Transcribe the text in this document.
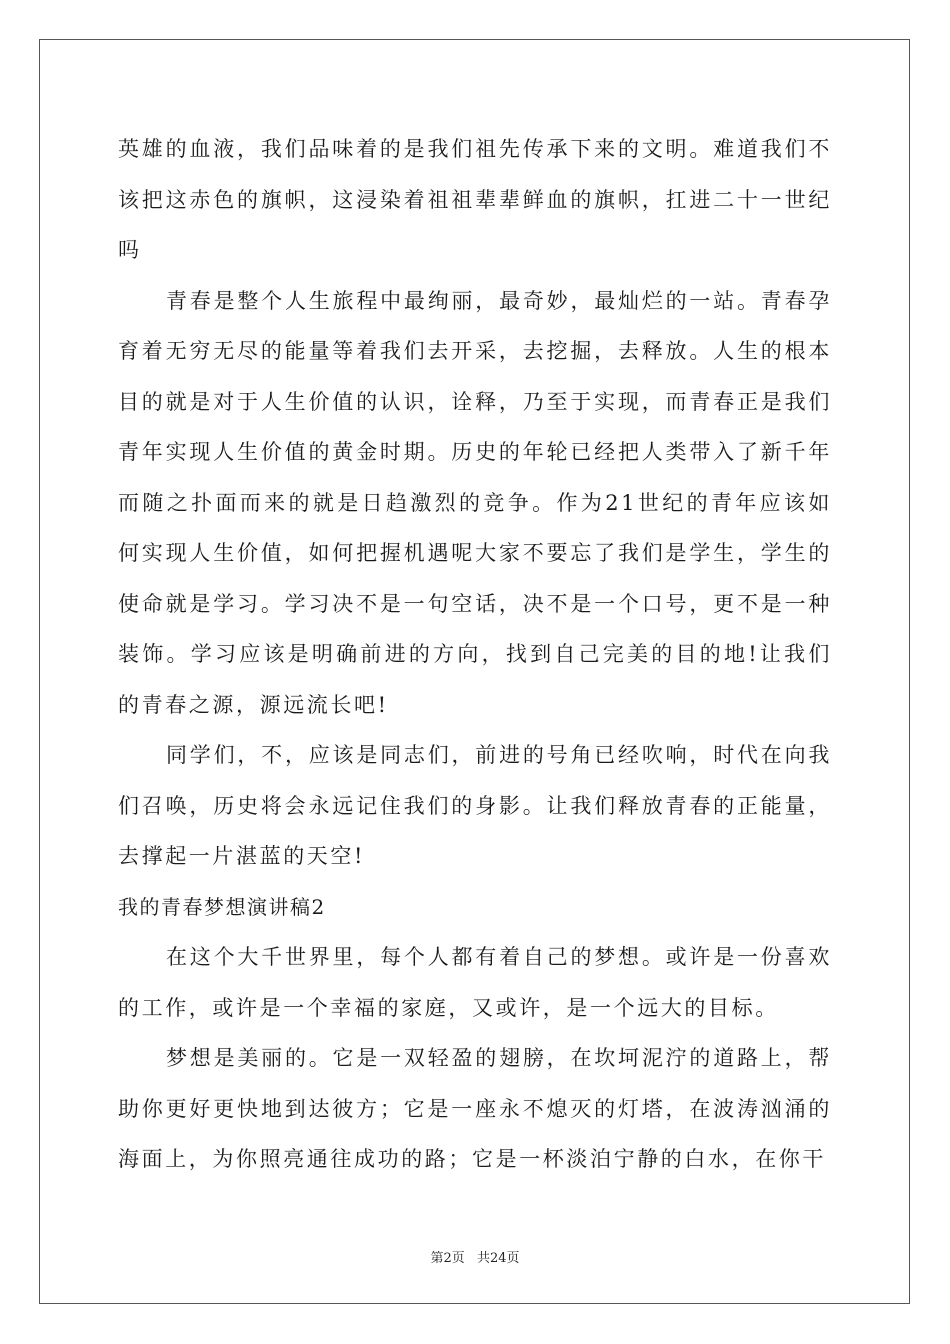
英雄的血液，我们品味着的是我们祖先传承下来的文明。难道我们不该把这赤色的旗帜，这浸染着祖祖辈辈鲜血的旗帜，扛进二十一世纪吗

青春是整个人生旅程中最绚丽，最奇妙，最灿烂的一站。青春孕育着无穷无尽的能量等着我们去开采，去挖掘，去释放。人生的根本目的就是对于人生价值的认识，诠释，乃至于实现，而青春正是我们青年实现人生价值的黄金时期。历史的年轮已经把人类带入了新千年而随之扑面而来的就是日趋激烈的竞争。作为21世纪的青年应该如何实现人生价值，如何把握机遇呢大家不要忘了我们是学生，学生的使命就是学习。学习决不是一句空话，决不是一个口号，更不是一种装饰。学习应该是明确前进的方向，找到自己完美的目的地!让我们的青春之源，源远流长吧!

同学们，不，应该是同志们，前进的号角已经吹响，时代在向我们召唤，历史将会永远记住我们的身影。让我们释放青春的正能量，去撑起一片湛蓝的天空!

我的青春梦想演讲稿2

在这个大千世界里，每个人都有着自己的梦想。或许是一份喜欢的工作，或许是一个幸福的家庭，又或许，是一个远大的目标。

梦想是美丽的。它是一双轻盈的翅膀，在坎坷泥泞的道路上，帮助你更好更快地到达彼方；它是一座永不熄灭的灯塔，在波涛汹涌的海面上，为你照亮通往成功的路；它是一杯淡泊宁静的白水，在你干

第2页 共24页
